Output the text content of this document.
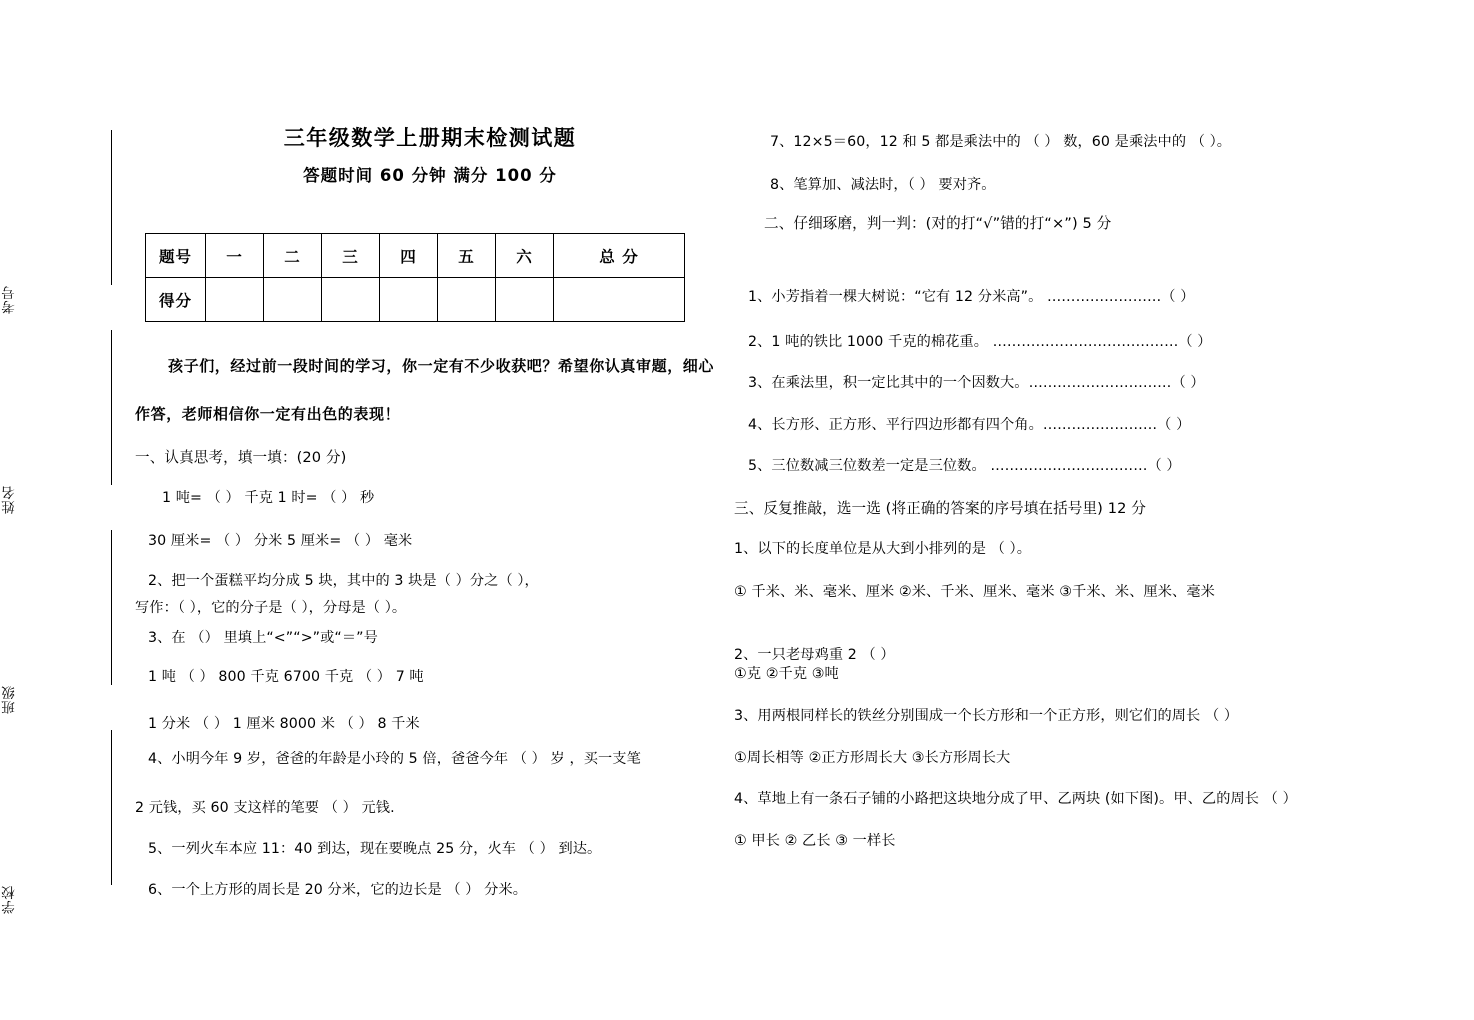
考号
姓名
班级
学校
三年级数学上册期末检测试题
答题时间 60 分钟 满分 100 分
题号	一	二	三	四	五	六	总 分
得分							
孩子们，经过前一段时间的学习，你一定有不少收获吧？希望你认真审题，细心
作答，老师相信你一定有出色的表现！
一、认真思考，填一填：(20 分)
1 吨= （ ） 千克 1 时= （ ） 秒
30 厘米= （ ） 分米 5 厘米= （ ） 毫米
2、把一个蛋糕平均分成 5 块，其中的 3 块是（ ）分之（ ），
写作：（ ），它的分子是（ ），分母是（ ）。
3、在 （） 里填上“<”“>”或“＝”号
1 吨 （ ） 800 千克 6700 千克 （ ） 7 吨
1 分米 （ ） 1 厘米 8000 米 （ ） 8 千米
4、小明今年 9 岁，爸爸的年龄是小玲的 5 倍，爸爸今年 （ ） 岁 ，买一支笔
2 元钱，买 60 支这样的笔要 （ ） 元钱.
5、一列火车本应 11：40 到达，现在要晚点 25 分，火车 （ ） 到达。
6、一个上方形的周长是 20 分米，它的边长是 （ ） 分米。
7、12×5＝60，12 和 5 都是乘法中的 （ ） 数，60 是乘法中的 （ ）。
8、笔算加、减法时，（ ） 要对齐。
二、仔细琢磨，判一判：(对的打“√”错的打“×”) 5 分
1、小芳指着一棵大树说：“它有 12 分米高”。 ……………………（ ）
2、1 吨的铁比 1000 千克的棉花重。 …………………………………（ ）
3、在乘法里，积一定比其中的一个因数大。…………………………（ ）
4、长方形、正方形、平行四边形都有四个角。……………………（ ）
5、三位数减三位数差一定是三位数。 ……………………………（ ）
三、反复推敲，选一选 (将正确的答案的序号填在括号里) 12 分
1、以下的长度单位是从大到小排列的是 （ ）。
① 千米、米、毫米、厘米 ②米、千米、厘米、毫米 ③千米、米、厘米、毫米
2、一只老母鸡重 2 （ ）
①克 ②千克 ③吨
3、用两根同样长的铁丝分别围成一个长方形和一个正方形，则它们的周长 （ ）
①周长相等 ②正方形周长大 ③长方形周长大
4、草地上有一条石子铺的小路把这块地分成了甲、乙两块 (如下图)。甲、乙的周长 （ ）
① 甲长 ② 乙长 ③ 一样长
